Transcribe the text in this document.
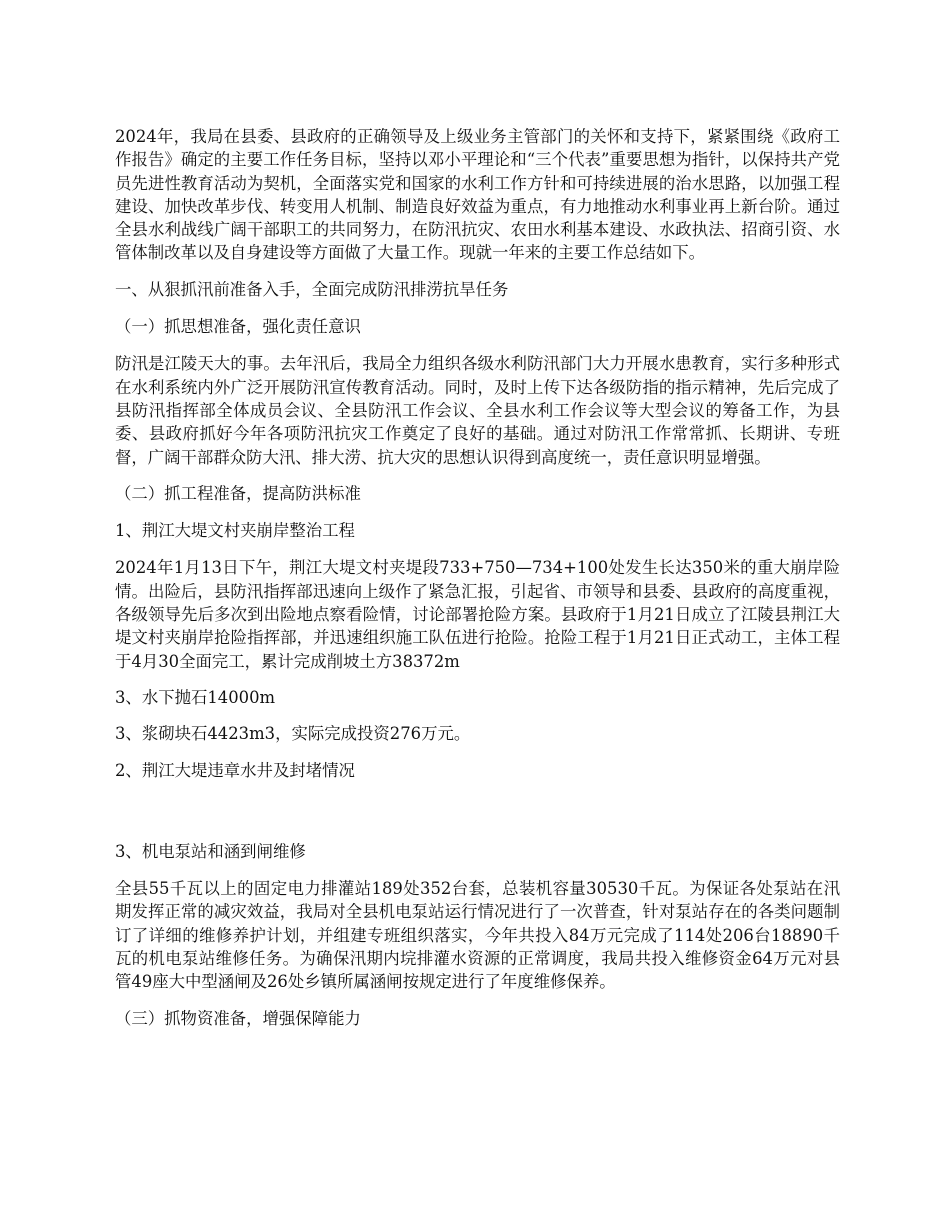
2024年，我局在县委、县政府的正确领导及上级业务主管部门的关怀和支持下，紧紧围绕《政府工作报告》确定的主要工作任务目标，坚持以邓小平理论和“三个代表”重要思想为指针，以保持共产党员先进性教育活动为契机，全面落实党和国家的水利工作方针和可持续进展的治水思路，以加强工程建设、加快改革步伐、转变用人机制、制造良好效益为重点，有力地推动水利事业再上新台阶。通过全县水利战线广阔干部职工的共同努力，在防汛抗灾、农田水利基本建设、水政执法、招商引资、水管体制改革以及自身建设等方面做了大量工作。现就一年来的主要工作总结如下。

一、从狠抓汛前准备入手，全面完成防汛排涝抗旱任务

（一）抓思想准备，强化责任意识

防汛是江陵天大的事。去年汛后，我局全力组织各级水利防汛部门大力开展水患教育，实行多种形式在水利系统内外广泛开展防汛宣传教育活动。同时，及时上传下达各级防指的指示精神，先后完成了县防汛指挥部全体成员会议、全县防汛工作会议、全县水利工作会议等大型会议的筹备工作，为县委、县政府抓好今年各项防汛抗灾工作奠定了良好的基础。通过对防汛工作常常抓、长期讲、专班督，广阔干部群众防大汛、排大涝、抗大灾的思想认识得到高度统一，责任意识明显增强。

（二）抓工程准备，提高防洪标准

1、荆江大堤文村夹崩岸整治工程

2024年1月13日下午，荆江大堤文村夹堤段733+750—734+100处发生长达350米的重大崩岸险情。出险后，县防汛指挥部迅速向上级作了紧急汇报，引起省、市领导和县委、县政府的高度重视，各级领导先后多次到出险地点察看险情，讨论部署抢险方案。县政府于1月21日成立了江陵县荆江大堤文村夹崩岸抢险指挥部，并迅速组织施工队伍进行抢险。抢险工程于1月21日正式动工，主体工程于4月30全面完工，累计完成削坡土方38372m

3、水下抛石14000m

3、浆砌块石4423m3，实际完成投资276万元。

2、荆江大堤违章水井及封堵情况

3、机电泵站和涵到闸维修

全县55千瓦以上的固定电力排灌站189处352台套，总装机容量30530千瓦。为保证各处泵站在汛期发挥正常的减灾效益，我局对全县机电泵站运行情况进行了一次普查，针对泵站存在的各类问题制订了详细的维修养护计划，并组建专班组织落实，今年共投入84万元完成了114处206台18890千瓦的机电泵站维修任务。为确保汛期内垸排灌水资源的正常调度，我局共投入维修资金64万元对县管49座大中型涵闸及26处乡镇所属涵闸按规定进行了年度维修保养。

（三）抓物资准备，增强保障能力
